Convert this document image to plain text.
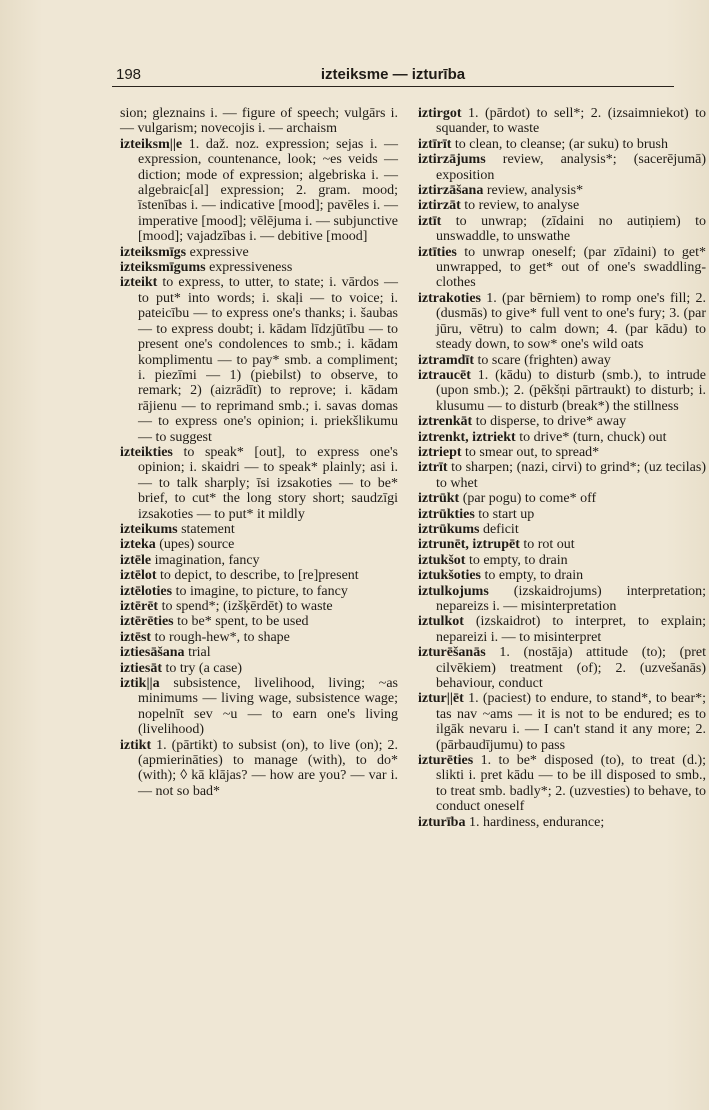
198	izteiksme — izturība

sion; gleznains i. — figure of speech; vulgārs i. — vulgarism; novecojis i. — archaism

izteiksm||e 1. daž. noz. expression; sejas i. — expression, countenance, look; ~es veids — diction; mode of expression; algebriska i. — algebraic[al] expression; 2. gram. mood; īstenības i. — indicative [mood]; pavēles i. — imperative [mood]; vēlējuma i. — subjunctive [mood]; vajadzības i. — debitive [mood]

izteiksmīgs expressive

izteiksmīgums expressiveness

izteikt to express, to utter, to state; i. vārdos — to put* into words; i. skaļi — to voice; i. pateicību — to express one's thanks; i. šaubas — to express doubt; i. kādam līdzjūtību — to present one's condolences to smb.; i. kādam komplimentu — to pay* smb. a compliment; i. piezīmi — 1) (piebilst) to observe, to remark; 2) (aizrādīt) to reprove; i. kādam rājienu — to reprimand smb.; i. savas domas — to express one's opinion; i. priekšlikumu — to suggest

izteikties to speak* [out], to express one's opinion; i. skaidri — to speak* plainly; asi i. — to talk sharply; īsi izsakoties — to be* brief, to cut* the long story short; saudzīgi izsakoties — to put* it mildly

izteikums statement

izteka (upes) source

iztēle imagination, fancy

iztēlot to depict, to describe, to [re]present

iztēloties to imagine, to picture, to fancy

iztērēt to spend*; (izšķērdēt) to waste

iztērēties to be* spent, to be used

iztēst to rough-hew*, to shape

iztiesāšana trial

iztiesāt to try (a case)

iztik||a subsistence, livelihood, living; ~as minimums — living wage, subsistence wage; nopelnīt sev ~u — to earn one's living (livelihood)

iztikt 1. (pārtikt) to subsist (on), to live (on); 2. (apmierināties) to manage (with), to do* (with); ◊ kā klājas? — how are you? — var i. — not so bad*

iztirgot 1. (pārdot) to sell*; 2. (izsaimniekot) to squander, to waste

iztīrīt to clean, to cleanse; (ar suku) to brush

iztirzājums review, analysis*; (sacerējumā) exposition

iztirzāšana review, analysis*

iztirzāt to review, to analyse

iztīt to unwrap; (zīdaini no autiņiem) to unswaddle, to unswathe

iztīties to unwrap oneself; (par zīdaini) to get* unwrapped, to get* out of one's swaddling-clothes

iztrakoties 1. (par bērniem) to romp one's fill; 2. (dusmās) to give* full vent to one's fury; 3. (par jūru, vētru) to calm down; 4. (par kādu) to steady down, to sow* one's wild oats

iztramdīt to scare (frighten) away

iztraucēt 1. (kādu) to disturb (smb.), to intrude (upon smb.); 2. (pēkšņi pārtraukt) to disturb; i. klusumu — to disturb (break*) the stillness

iztrenkāt to disperse, to drive* away

iztrenkt, iztriekt to drive* (turn, chuck) out

iztriept to smear out, to spread*

iztrīt to sharpen; (nazi, cirvi) to grind*; (uz tecilas) to whet

iztrūkt (par pogu) to come* off

iztrūkties to start up

iztrūkums deficit

iztrunēt, iztrupēt to rot out

iztukšot to empty, to drain

iztukšoties to empty, to drain

iztulkojums (izskaidrojums) interpretation; nepareizs i. — misinterpretation

iztulkot (izskaidrot) to interpret, to explain; nepareizi i. — to misinterpret

izturēšanās 1. (nostāja) attitude (to); (pret cilvēkiem) treatment (of); 2. (uzvešanās) behaviour, conduct

iztur||ēt 1. (paciest) to endure, to stand*, to bear*; tas nav ~ams — it is not to be endured; es to ilgāk nevaru i. — I can't stand it any more; 2. (pārbaudījumu) to pass

izturēties 1. to be* disposed (to), to treat (d.); slikti i. pret kādu — to be ill disposed to smb., to treat smb. badly*; 2. (uzvesties) to behave, to conduct oneself

izturība 1. hardiness, endurance;
